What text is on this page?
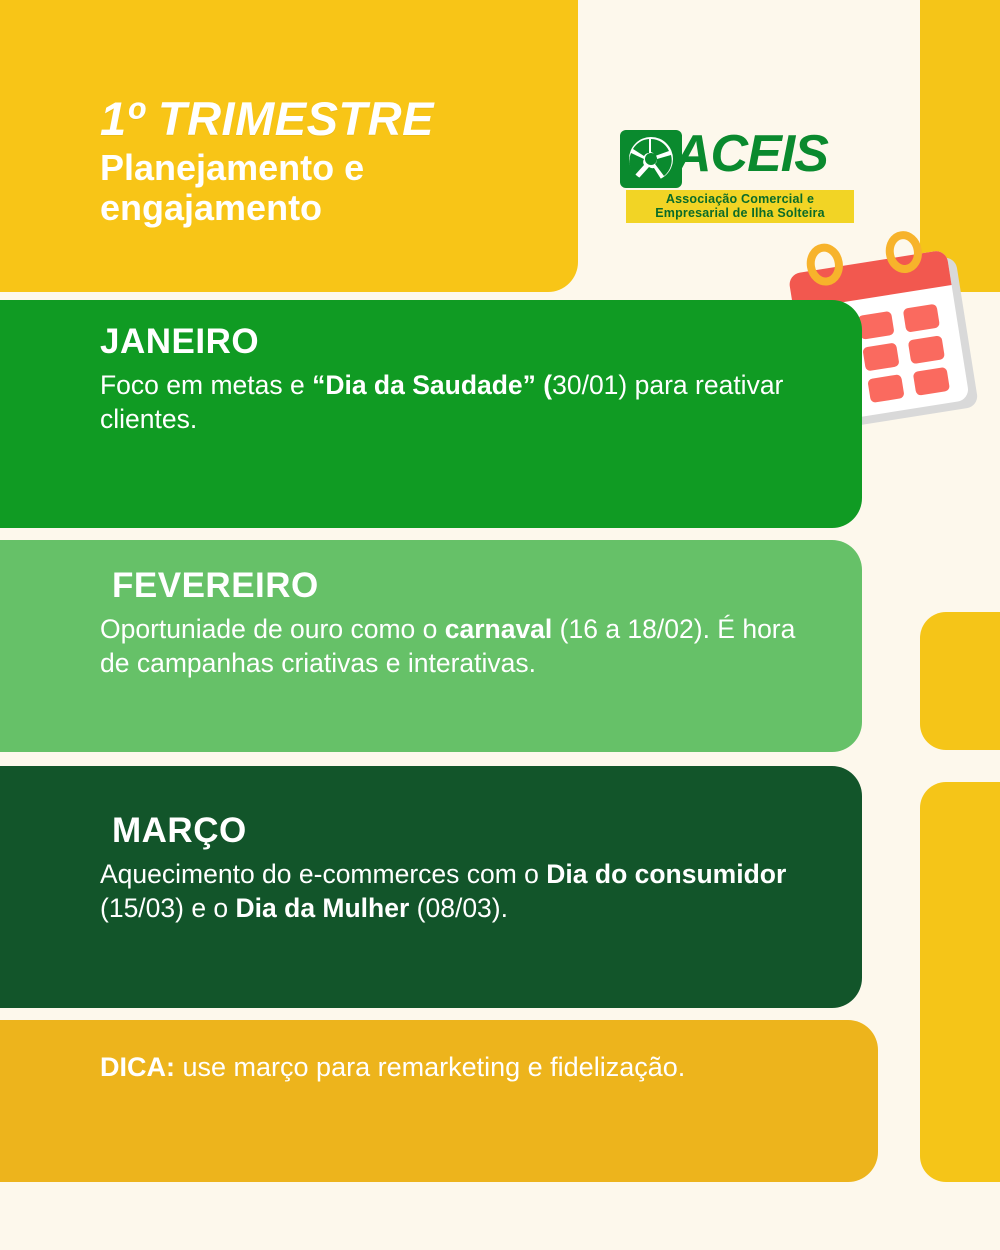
1º TRIMESTRE
Planejamento e
engajamento
ACEIS
Associação Comercial e
Empresarial de Ilha Solteira
JANEIRO
Foco em metas e “Dia da Saudade” (30/01) para reativar clientes.
FEVEREIRO
Oportuniade de ouro como o carnaval (16 a 18/02). É hora de campanhas criativas e interativas.
MARÇO
Aquecimento do e-commerces com o Dia do consumidor (15/03) e o Dia da Mulher (08/03).
DICA: use março para remarketing e fidelização.
